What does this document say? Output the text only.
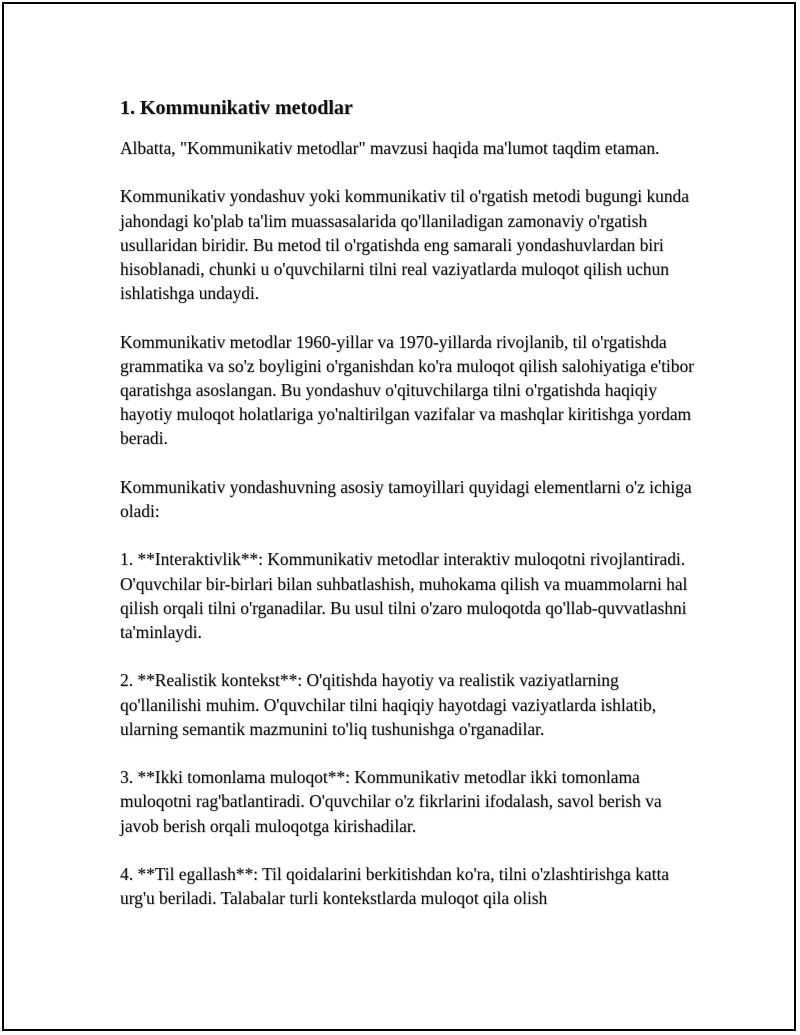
1. Kommunikativ metodlar

Albatta, "Kommunikativ metodlar" mavzusi haqida ma'lumot taqdim etaman.

Kommunikativ yondashuv yoki kommunikativ til o'rgatish metodi bugungi kunda jahondagi ko'plab ta'lim muassasalarida qo'llaniladigan zamonaviy o'rgatish usullaridan biridir. Bu metod til o'rgatishda eng samarali yondashuvlardan biri hisoblanadi, chunki u o'quvchilarni tilni real vaziyatlarda muloqot qilish uchun ishlatishga undaydi.

Kommunikativ metodlar 1960-yillar va 1970-yillarda rivojlanib, til o'rgatishda grammatika va so'z boyligini o'rganishdan ko'ra muloqot qilish salohiyatiga e'tibor qaratishga asoslangan. Bu yondashuv o'qituvchilarga tilni o'rgatishda haqiqiy hayotiy muloqot holatlariga yo'naltirilgan vazifalar va mashqlar kiritishga yordam beradi.

Kommunikativ yondashuvning asosiy tamoyillari quyidagi elementlarni o'z ichiga oladi:

1. **Interaktivlik**: Kommunikativ metodlar interaktiv muloqotni rivojlantiradi. O'quvchilar bir-birlari bilan suhbatlashish, muhokama qilish va muammolarni hal qilish orqali tilni o'rganadilar. Bu usul tilni o'zaro muloqotda qo'llab-quvvatlashni ta'minlaydi.

2. **Realistik kontekst**: O'qitishda hayotiy va realistik vaziyatlarning qo'llanilishi muhim. O'quvchilar tilni haqiqiy hayotdagi vaziyatlarda ishlatib, ularning semantik mazmunini to'liq tushunishga o'rganadilar.

3. **Ikki tomonlama muloqot**: Kommunikativ metodlar ikki tomonlama muloqotni rag'batlantiradi. O'quvchilar o'z fikrlarini ifodalash, savol berish va javob berish orqali muloqotga kirishadilar.

4. **Til egallash**: Til qoidalarini berkitishdan ko'ra, tilni o'zlashtirishga katta urg'u beriladi. Talabalar turli kontekstlarda muloqot qila olish
